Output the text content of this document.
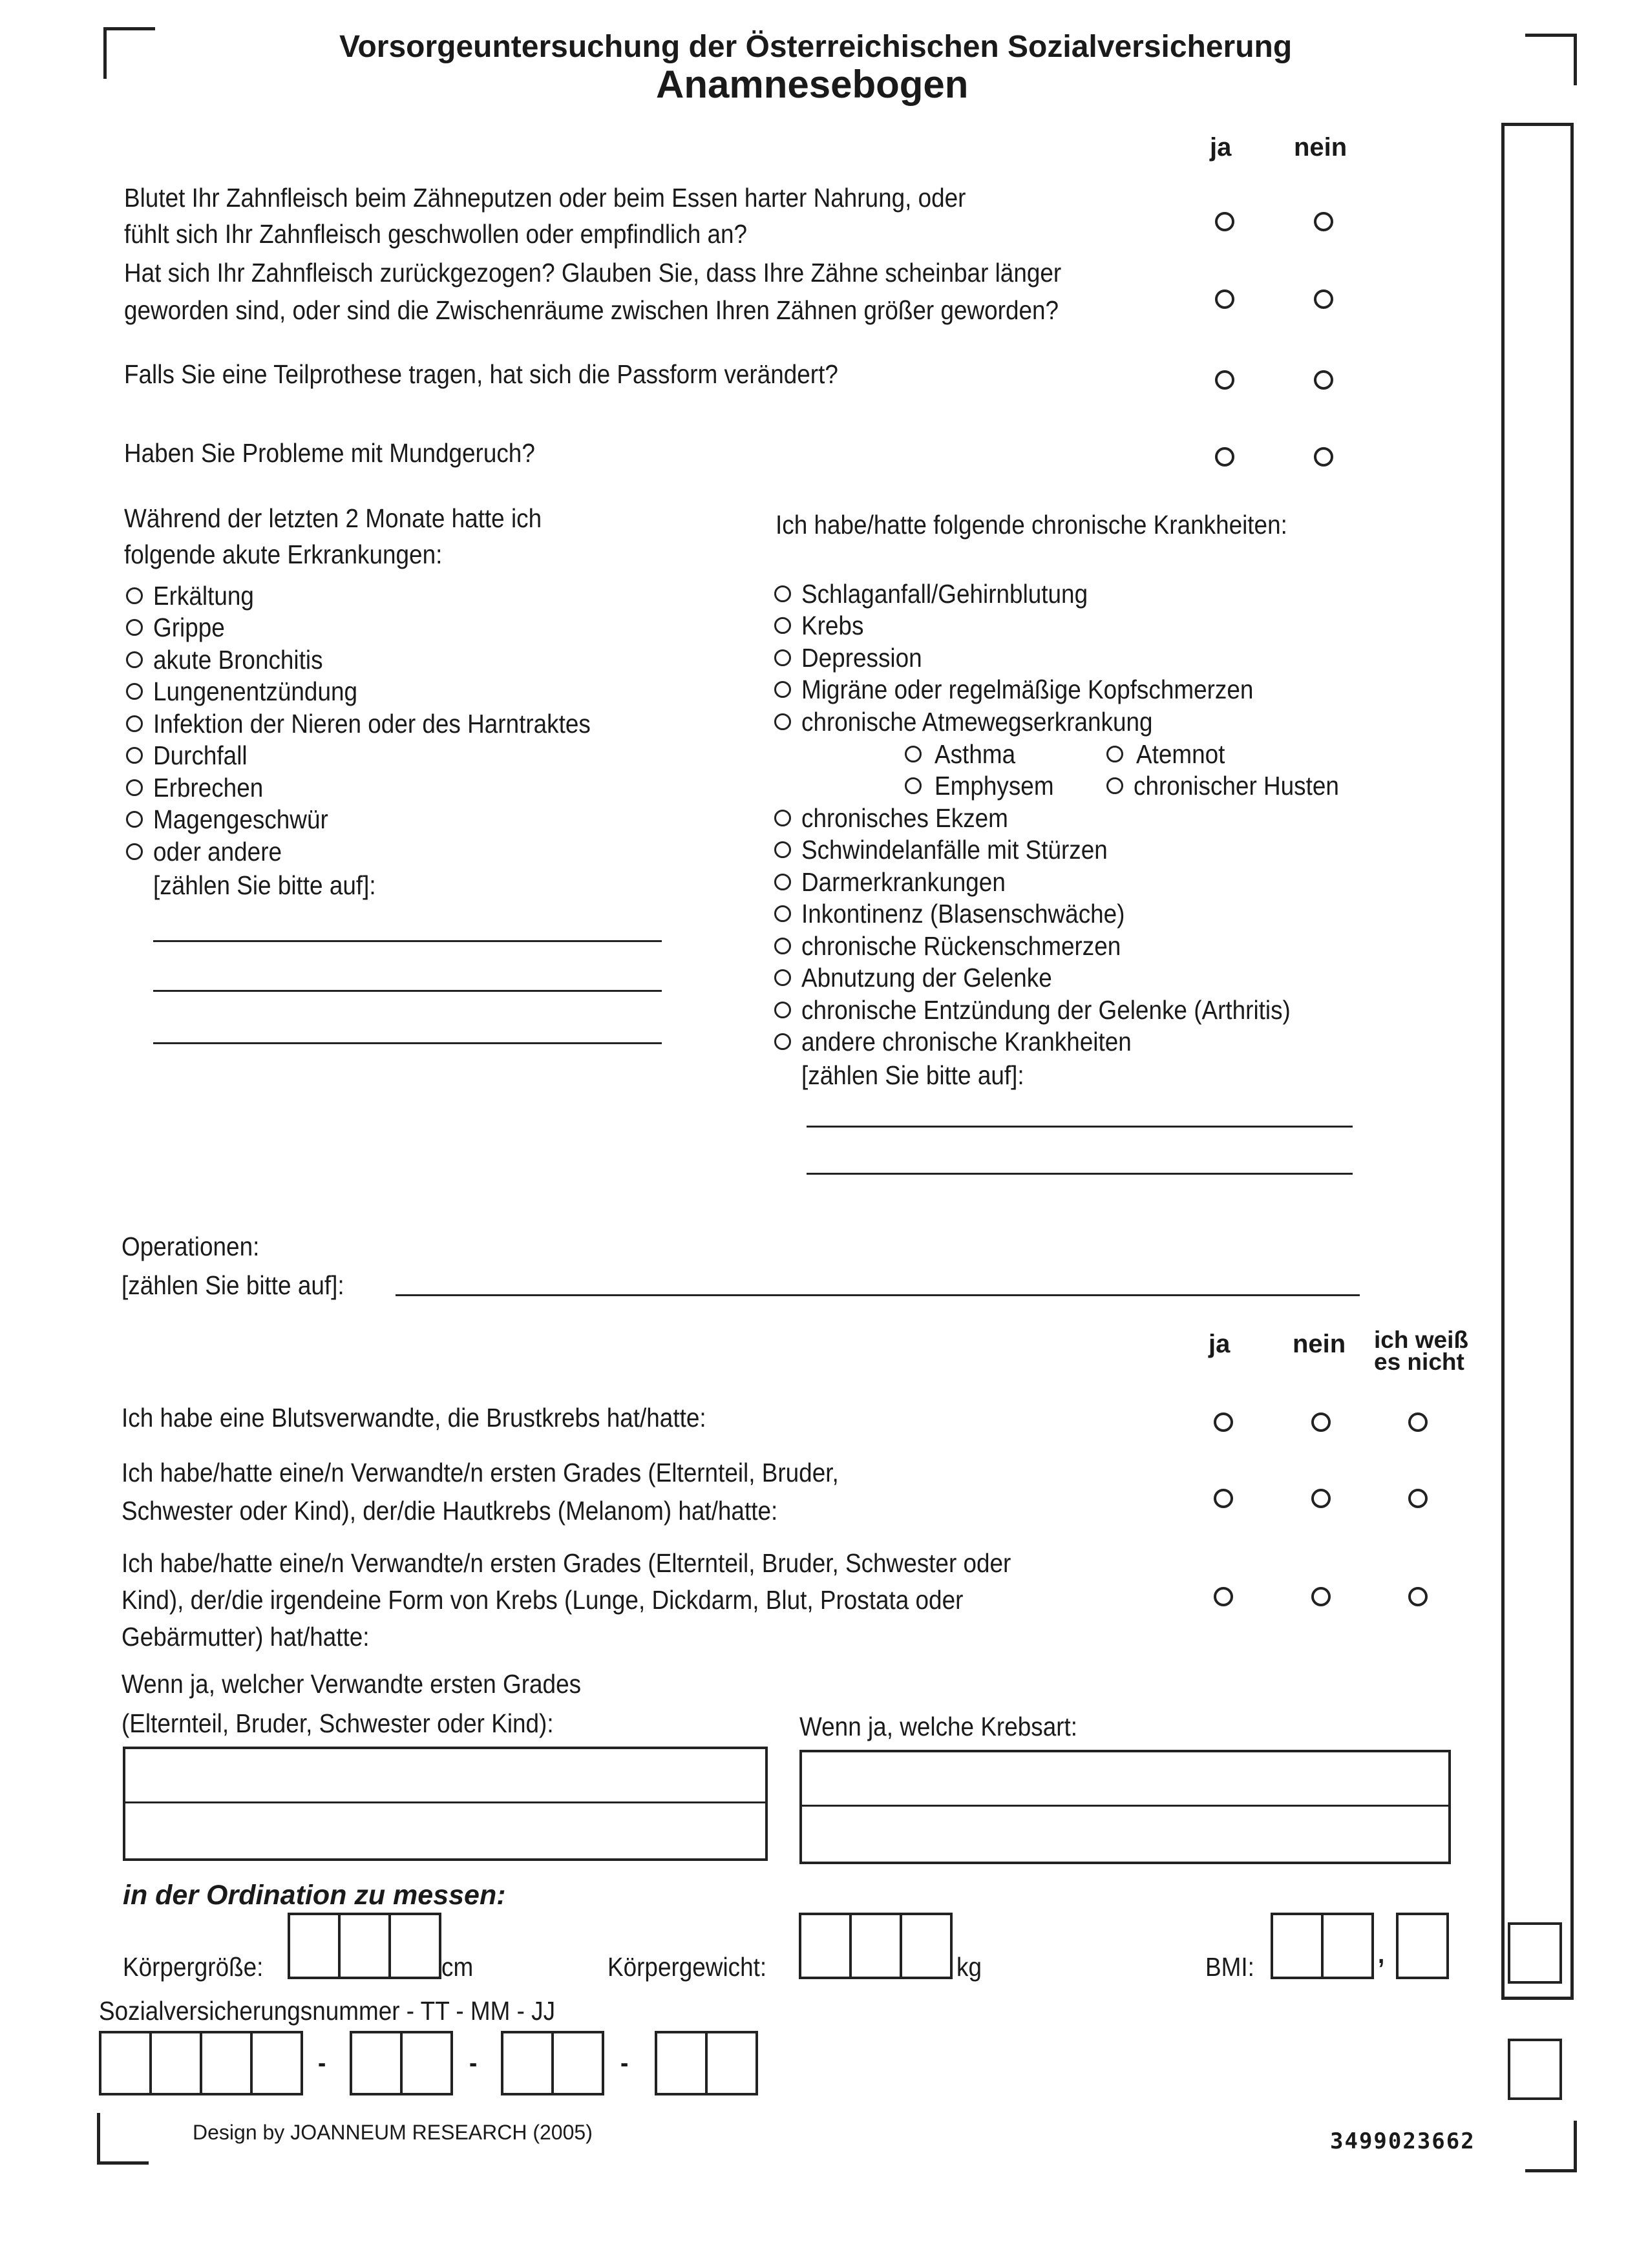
Vorsorgeuntersuchung der Österreichischen Sozialversicherung
Anamnesebogen
ja nein
Blutet Ihr Zahnfleisch beim Zähneputzen oder beim Essen harter Nahrung, oder
fühlt sich Ihr Zahnfleisch geschwollen oder empfindlich an?
Hat sich Ihr Zahnfleisch zurückgezogen? Glauben Sie, dass Ihre Zähne scheinbar länger
geworden sind, oder sind die Zwischenräume zwischen Ihren Zähnen größer geworden?
Falls Sie eine Teilprothese tragen, hat sich die Passform verändert?
Haben Sie Probleme mit Mundgeruch?
Während der letzten 2 Monate hatte ich
folgende akute Erkrankungen:
Erkältung
Grippe
akute Bronchitis
Lungenentzündung
Infektion der Nieren oder des Harntraktes
Durchfall
Erbrechen
Magengeschwür
oder andere
[zählen Sie bitte auf]:
Ich habe/hatte folgende chronische Krankheiten:
Schlaganfall/Gehirnblutung
Krebs
Depression
Migräne oder regelmäßige Kopfschmerzen
chronische Atmewegserkrankung
Asthma	Atemnot
Emphysem	chronischer Husten
chronisches Ekzem
Schwindelanfälle mit Stürzen
Darmerkrankungen
Inkontinenz (Blasenschwäche)
chronische Rückenschmerzen
Abnutzung der Gelenke
chronische Entzündung der Gelenke (Arthritis)
andere chronische Krankheiten
[zählen Sie bitte auf]:
Operationen:
[zählen Sie bitte auf]:
ja nein ich weiß
es nicht
Ich habe eine Blutsverwandte, die Brustkrebs hat/hatte:
Ich habe/hatte eine/n Verwandte/n ersten Grades (Elternteil, Bruder,
Schwester oder Kind), der/die Hautkrebs (Melanom) hat/hatte:
Ich habe/hatte eine/n Verwandte/n ersten Grades (Elternteil, Bruder, Schwester oder
Kind), der/die irgendeine Form von Krebs (Lunge, Dickdarm, Blut, Prostata oder
Gebärmutter) hat/hatte:
Wenn ja, welcher Verwandte ersten Grades
(Elternteil, Bruder, Schwester oder Kind):	Wenn ja, welche Krebsart:
in der Ordination zu messen:
Körpergröße:	cm	Körpergewicht:	kg	BMI:	,
Sozialversicherungsnummer - TT - MM - JJ
-	-	-
Design by JOANNEUM RESEARCH (2005)	3499023662
